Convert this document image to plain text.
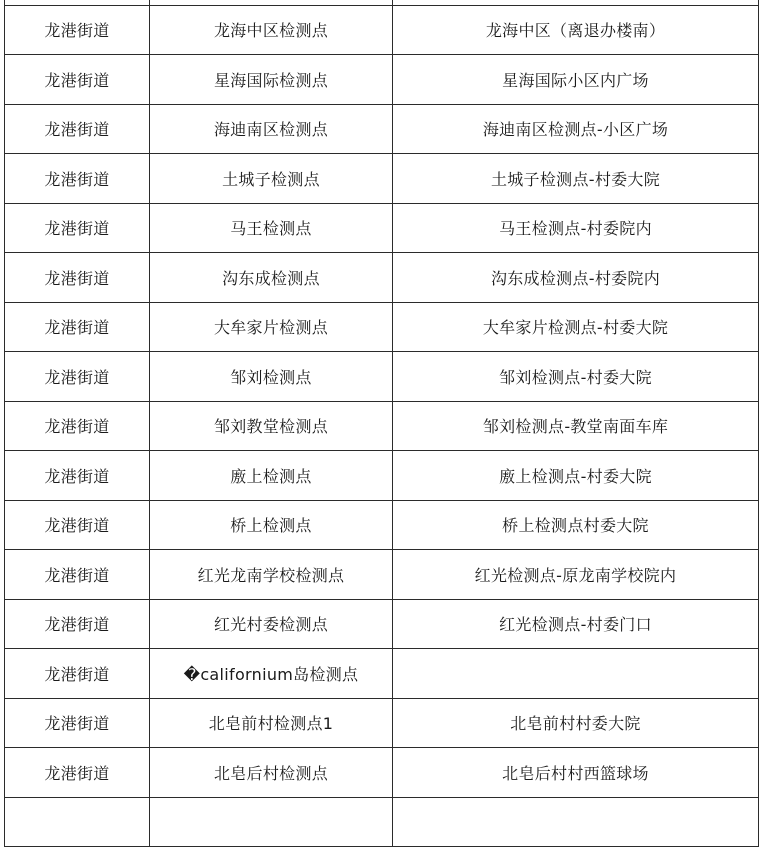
龙港街道	龙海中区检测点	龙海中区（离退办楼南）
龙港街道	星海国际检测点	星海国际小区内广场
龙港街道	海迪南区检测点	海迪南区检测点-小区广场
龙港街道	土城子检测点	土城子检测点-村委大院
龙港街道	马王检测点	马王检测点-村委院内
龙港街道	沟东成检测点	沟东成检测点-村委院内
龙港街道	大牟家片检测点	大牟家片检测点-村委大院
龙港街道	邹刘检测点	邹刘检测点-村委大院
龙港街道	邹刘教堂检测点	邹刘检测点-教堂南面车库
龙港街道	廒上检测点	廒上检测点-村委大院
龙港街道	桥上检测点	桥上检测点村委大院
龙港街道	红光龙南学校检测点	红光检测点-原龙南学校院内
龙港街道	红光村委检测点	红光检测点-村委门口
龙港街道	�californium岛检测点	
龙港街道	北皂前村检测点1	北皂前村村委大院
龙港街道	北皂后村检测点	北皂后村村西篮球场
